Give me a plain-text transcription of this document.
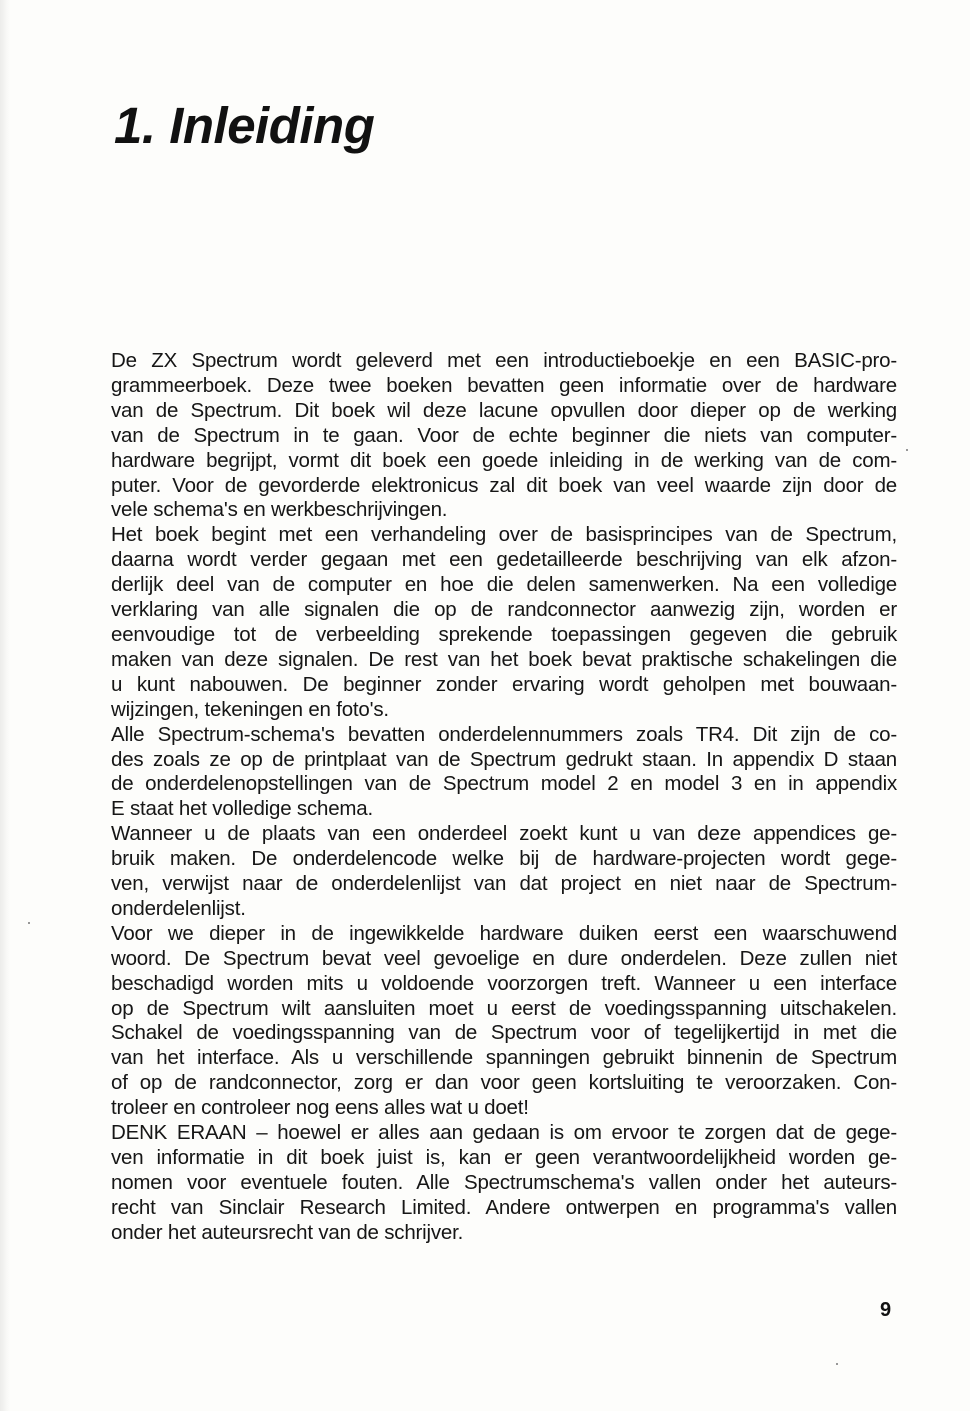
1. Inleiding
De ZX Spectrum wordt geleverd met een introductieboekje en een BASIC-pro-
grammeerboek. Deze twee boeken bevatten geen informatie over de hardware
van de Spectrum. Dit boek wil deze lacune opvullen door dieper op de werking
van de Spectrum in te gaan. Voor de echte beginner die niets van computer-
hardware begrijpt, vormt dit boek een goede inleiding in de werking van de com-
puter. Voor de gevorderde elektronicus zal dit boek van veel waarde zijn door de
vele schema's en werkbeschrijvingen.
Het boek begint met een verhandeling over de basisprincipes van de Spectrum,
daarna wordt verder gegaan met een gedetailleerde beschrijving van elk afzon-
derlijk deel van de computer en hoe die delen samenwerken. Na een volledige
verklaring van alle signalen die op de randconnector aanwezig zijn, worden er
eenvoudige tot de verbeelding sprekende toepassingen gegeven die gebruik
maken van deze signalen. De rest van het boek bevat praktische schakelingen die
u kunt nabouwen. De beginner zonder ervaring wordt geholpen met bouwaan-
wijzingen, tekeningen en foto's.
Alle Spectrum-schema's bevatten onderdelennummers zoals TR4. Dit zijn de co-
des zoals ze op de printplaat van de Spectrum gedrukt staan. In appendix D staan
de onderdelenopstellingen van de Spectrum model 2 en model 3 en in appendix
E staat het volledige schema.
Wanneer u de plaats van een onderdeel zoekt kunt u van deze appendices ge-
bruik maken. De onderdelencode welke bij de hardware-projecten wordt gege-
ven, verwijst naar de onderdelenlijst van dat project en niet naar de Spectrum-
onderdelenlijst.
Voor we dieper in de ingewikkelde hardware duiken eerst een waarschuwend
woord. De Spectrum bevat veel gevoelige en dure onderdelen. Deze zullen niet
beschadigd worden mits u voldoende voorzorgen treft. Wanneer u een interface
op de Spectrum wilt aansluiten moet u eerst de voedingsspanning uitschakelen.
Schakel de voedingsspanning van de Spectrum voor of tegelijkertijd in met die
van het interface. Als u verschillende spanningen gebruikt binnenin de Spectrum
of op de randconnector, zorg er dan voor geen kortsluiting te veroorzaken. Con-
troleer en controleer nog eens alles wat u doet!
DENK ERAAN – hoewel er alles aan gedaan is om ervoor te zorgen dat de gege-
ven informatie in dit boek juist is, kan er geen verantwoordelijkheid worden ge-
nomen voor eventuele fouten. Alle Spectrumschema's vallen onder het auteurs-
recht van Sinclair Research Limited. Andere ontwerpen en programma's vallen
onder het auteursrecht van de schrijver.
9
